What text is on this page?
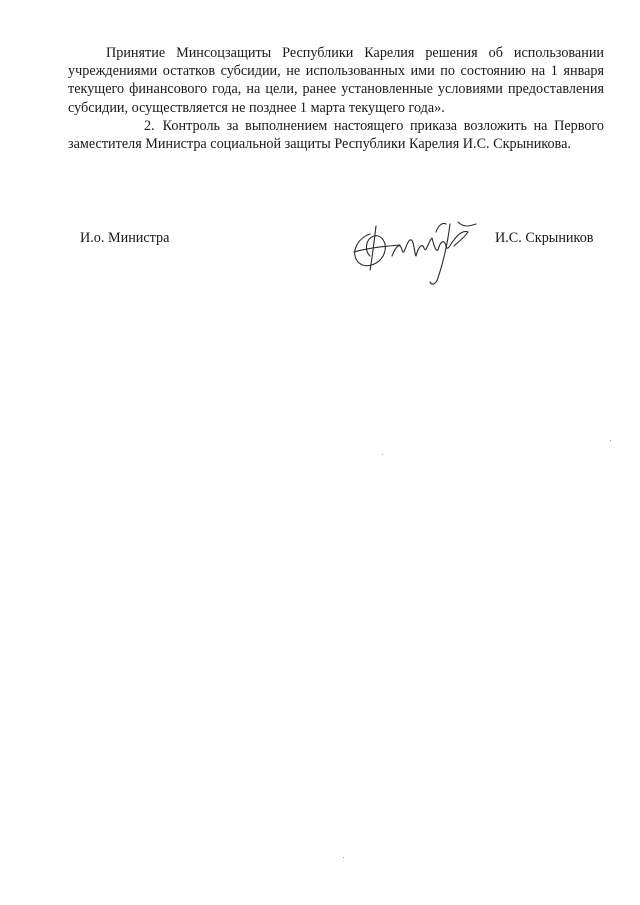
Принятие Минсоцзащиты Республики Карелия решения об использовании учреждениями остатков субсидии, не использованных ими по состоянию на 1 января текущего финансового года, на цели, ранее установленные условиями предоставления субсидии, осуществляется не позднее 1 марта текущего года».

2. Контроль за выполнением настоящего приказа возложить на Первого заместителя Министра социальной защиты Республики Карелия И.С. Скрыникова.

И.о. Министра	И.С. Скрыников
